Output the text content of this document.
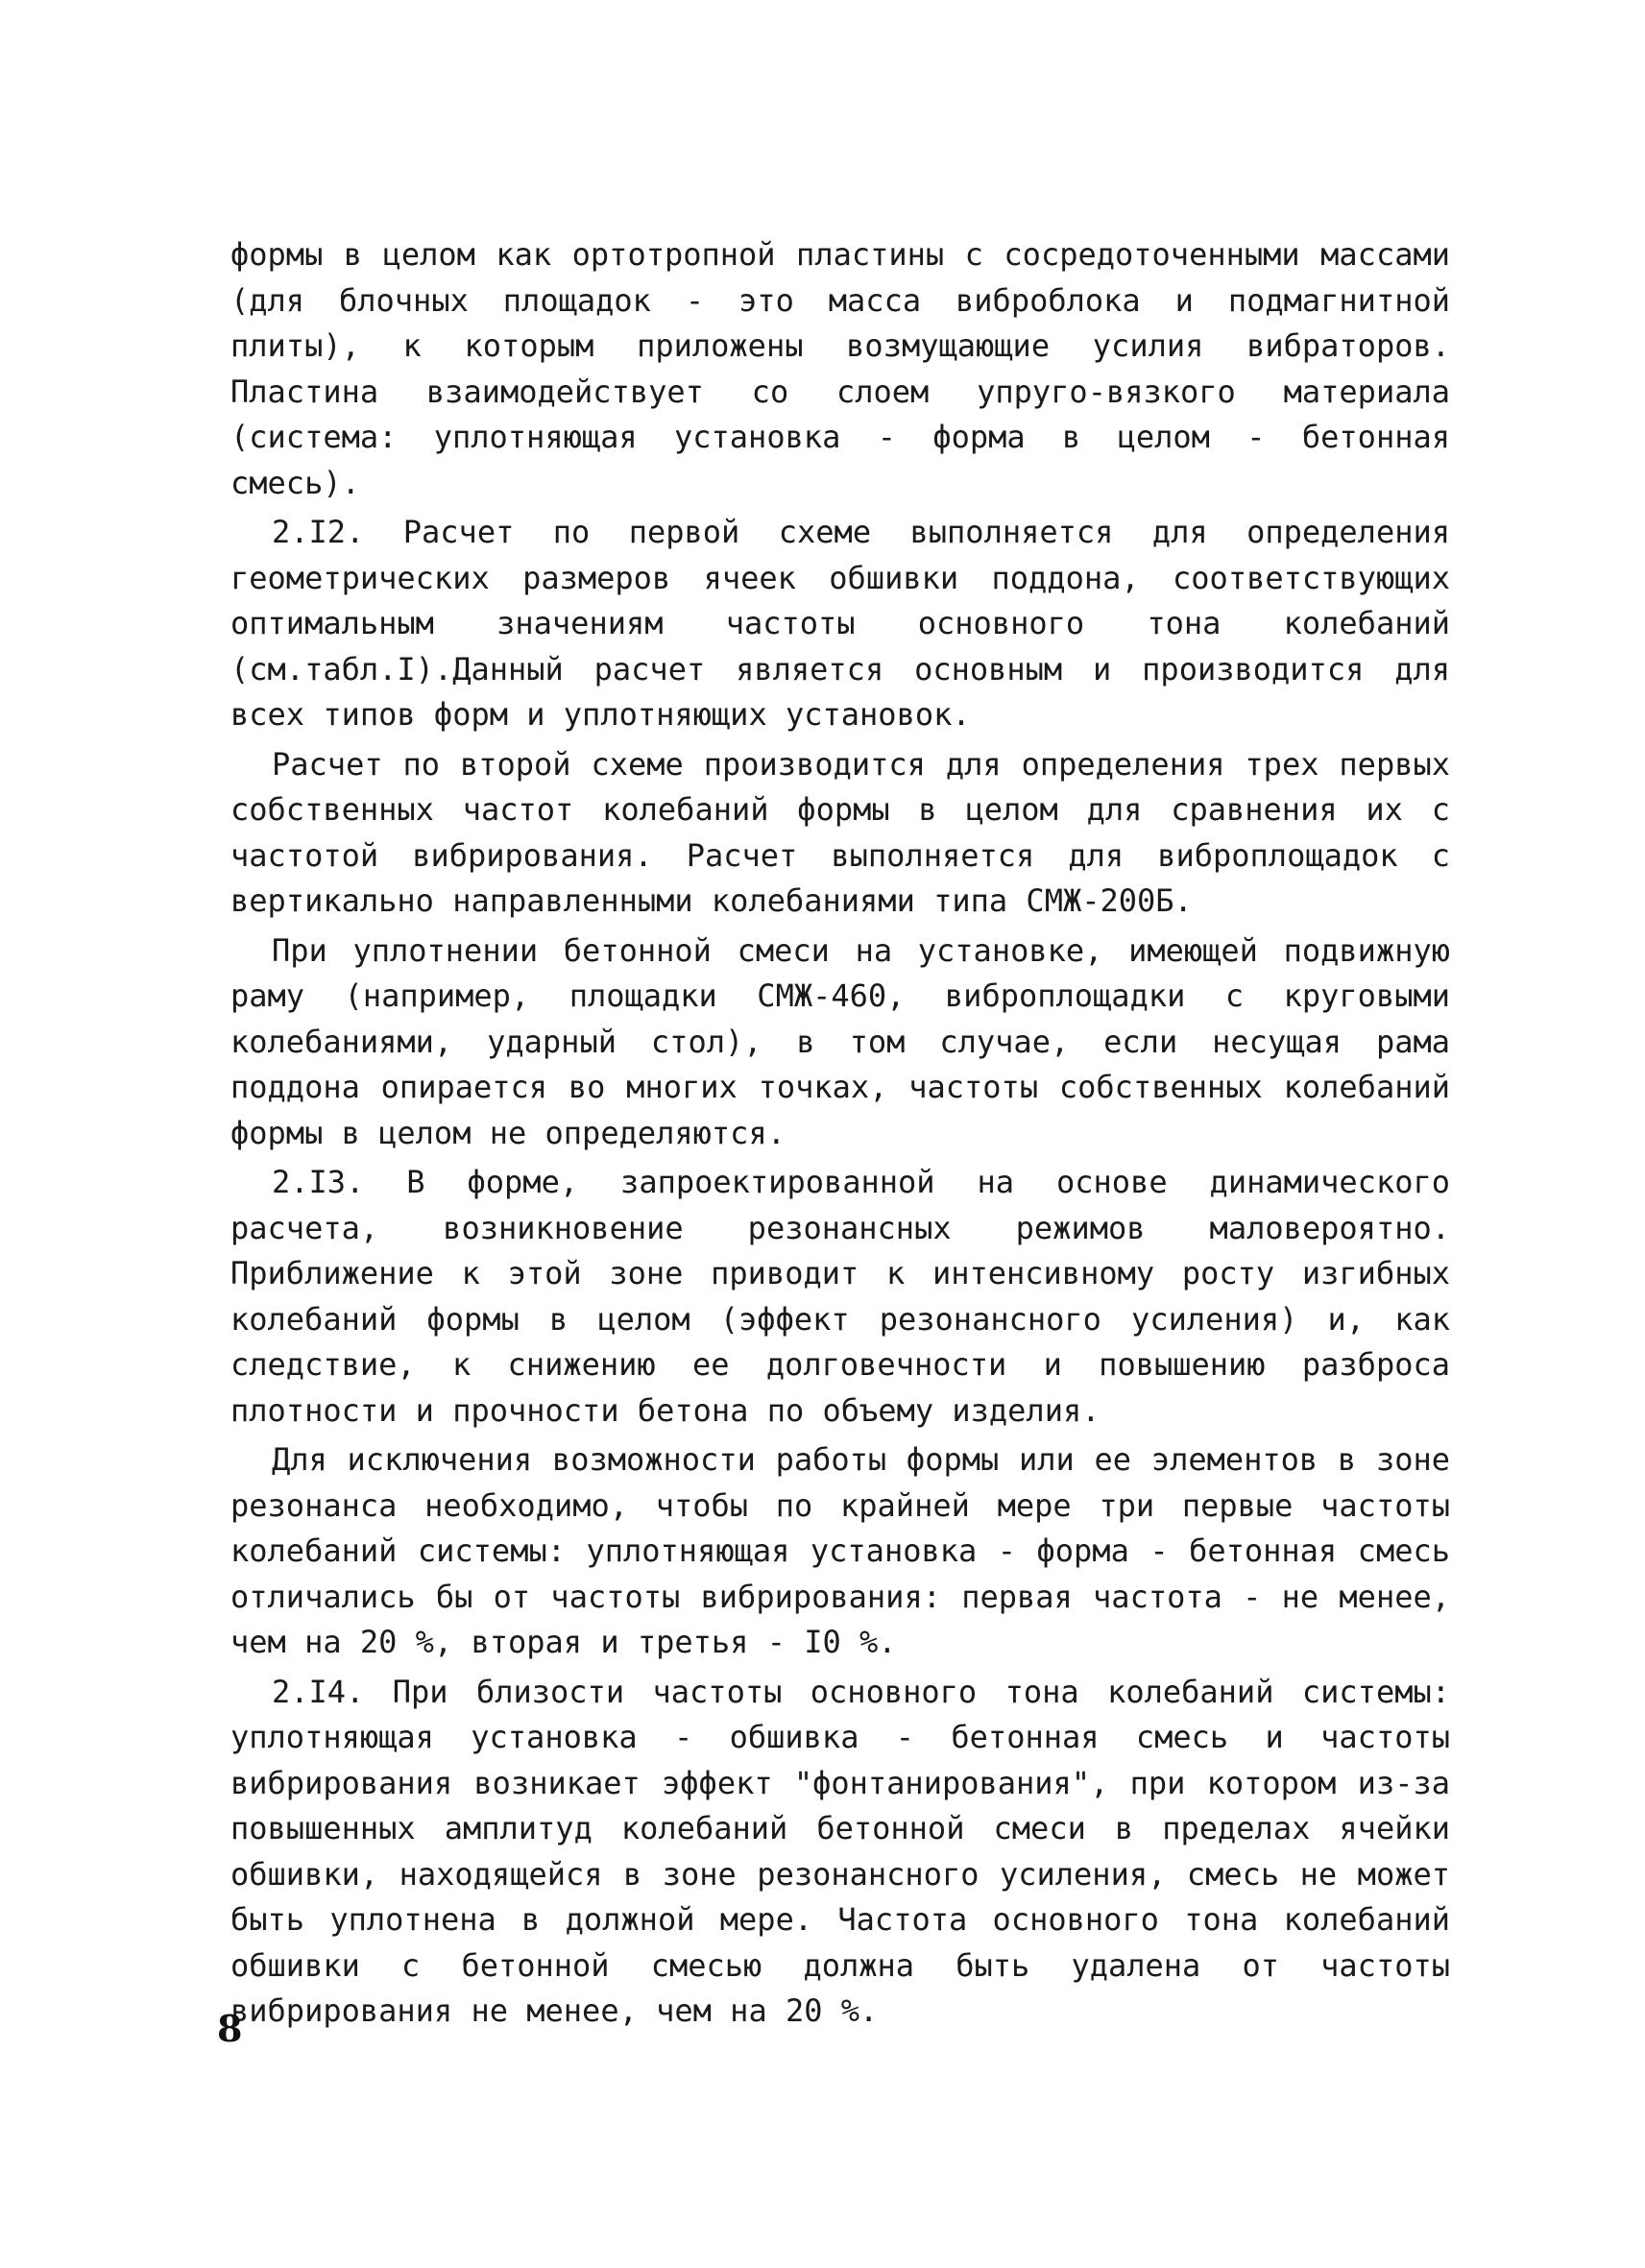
формы в целом как ортотропной пластины с сосредоточенными массами (для блочных площадок - это масса виброблока и подмагнитной плиты), к которым приложены возмущающие усилия вибраторов. Пластина взаимодействует со слоем упруго-вязкого материала (система: уплотняющая установка - форма в целом - бетонная смесь).

2.I2. Расчет по первой схеме выполняется для определения геометрических размеров ячеек обшивки поддона, соответствующих оптимальным значениям частоты основного тона колебаний (см.табл.I).Данный расчет является основным и производится для всех типов форм и уплотняющих установок.

Расчет по второй схеме производится для определения трех первых собственных частот колебаний формы в целом для сравнения их с частотой вибрирования. Расчет выполняется для виброплощадок с вертикально направленными колебаниями типа СМЖ-200Б.

При уплотнении бетонной смеси на установке, имеющей подвижную раму (например, площадки СМЖ-460, виброплощадки с круговыми колебаниями, ударный стол), в том случае, если несущая рама поддона опирается во многих точках, частоты собственных колебаний формы в целом не определяются.

2.I3. В форме, запроектированной на основе динамического расчета, возникновение резонансных режимов маловероятно. Приближение к этой зоне приводит к интенсивному росту изгибных колебаний формы в целом (эффект резонансного усиления) и, как следствие, к снижению ее долговечности и повышению разброса плотности и прочности бетона по объему изделия.

Для исключения возможности работы формы или ее элементов в зоне резонанса необходимо, чтобы по крайней мере три первые частоты колебаний системы: уплотняющая установка - форма - бетонная смесь отличались бы от частоты вибрирования: первая частота - не менее, чем на 20 %, вторая и третья - I0 %.

2.I4. При близости частоты основного тона колебаний системы: уплотняющая установка - обшивка - бетонная смесь и частоты вибрирования возникает эффект "фонтанирования", при котором из-за повышенных амплитуд колебаний бетонной смеси в пределах ячейки обшивки, находящейся в зоне резонансного усиления, смесь не может быть уплотнена в должной мере. Частота основного тона колебаний обшивки с бетонной смесью должна быть удалена от частоты вибрирования не менее, чем на 20 %.

8
